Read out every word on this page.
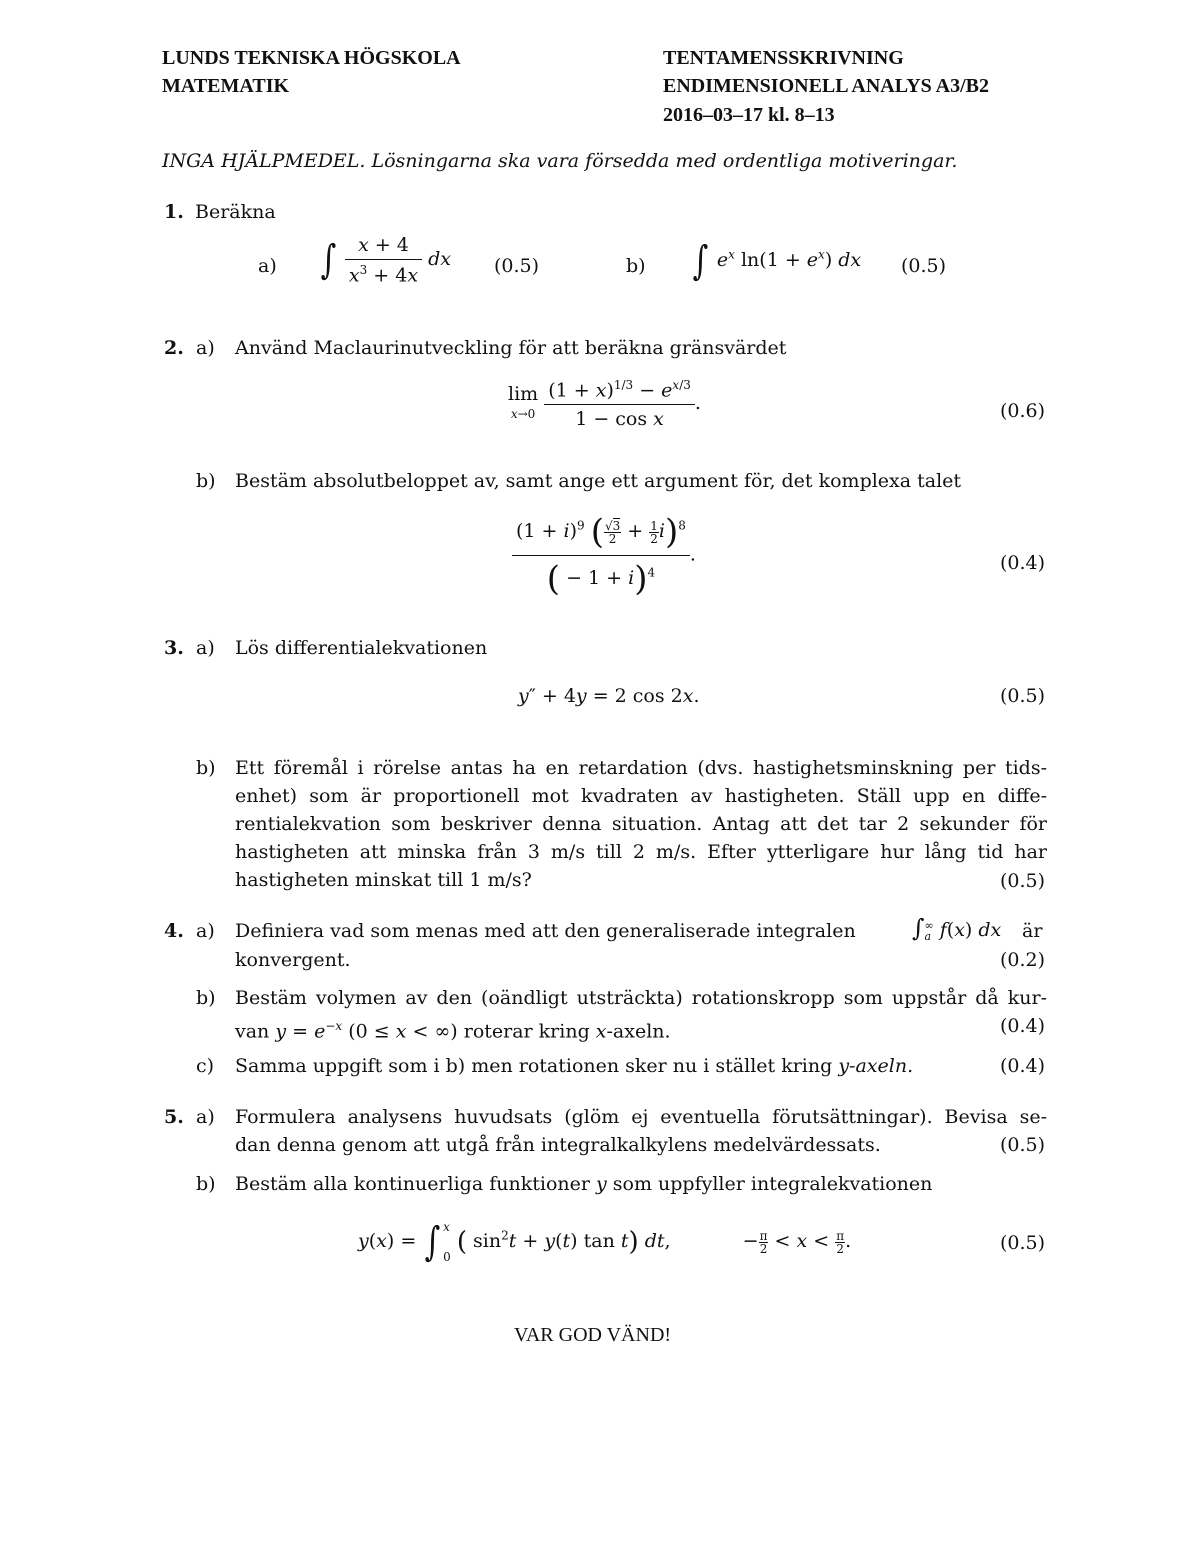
LUNDS TEKNISKA HÖGSKOLA
MATEMATIK
TENTAMENSSKRIVNING
ENDIMENSIONELL ANALYS A3/B2
2016–03–17 kl. 8–13
INGA HJÄLPMEDEL. Lösningarna ska vara försedda med ordentliga motiveringar.
1. Beräkna
a) ∫ $\frac{x + 4}{x^3 + 4x}$ dx (0.5)	b) ∫ $e^x$ $\ln(1 + e^x)$ dx (0.5)
2. a) Använd Maclaurinutveckling för att beräkna gränsvärdet
lim
$x\to 0 \frac{(1 + x)^{1/3} - e^{x/3}}{\text{1 − cos x}}$ .	(0.6)
b) Bestäm absolutbeloppet av, samt ange ett argument för, det komplexa talet
$\frac{(1 + i)^9 ( \frac{√3}{2} + \frac{1}{2} i)^8}{( - 1 + i)^4}$ .	(0.4)
3. a) Lös differentialekvationen
y″ + 4y = 2 cos 2x.	(0.5)
b) Ett föremål i rörelse antas ha en retardation (dvs. hastighetsminskning per tids-
enhet) som är proportionell mot kvadraten av hastigheten. Ställ upp en diffe-
rentialekvation som beskriver denna situation. Antag att det tar 2 sekunder för
hastigheten att minska från 3 m/s till 2 m/s. Efter ytterligare hur lång tid har
hastigheten minskat till 1 m/s?	(0.5)
4. a) Definiera vad som menas med att den generaliserade integralen ∫ ∞
a f(x) dx är
konvergent.	(0.2)
b) Bestäm volymen av den (oändligt utsträckta) rotationskropp som uppstår då kur-
van $y = e^{-x}$ (0 ≤ x < ∞) roterar kring x-axeln.	(0.4)
c) Samma uppgift som i b) men rotationen sker nu i stället kring y-axeln.	(0.4)
5. a) Formulera analysens huvudsats (glöm ej eventuella förutsättningar). Bevisa se-
dan denna genom att utgå från integralkalkylens medelvärdessats.	(0.5)
b) Bestäm alla kontinuerliga funktioner y som uppfyller integralekvationen
y(x) = ∫ x
0 ( $\sin^2t + y(t)$ tan t) dt,	− $\frac{\pi}{2} < x < \frac{\pi}{2}$ .	(0.5)
VAR GOD VÄND!
